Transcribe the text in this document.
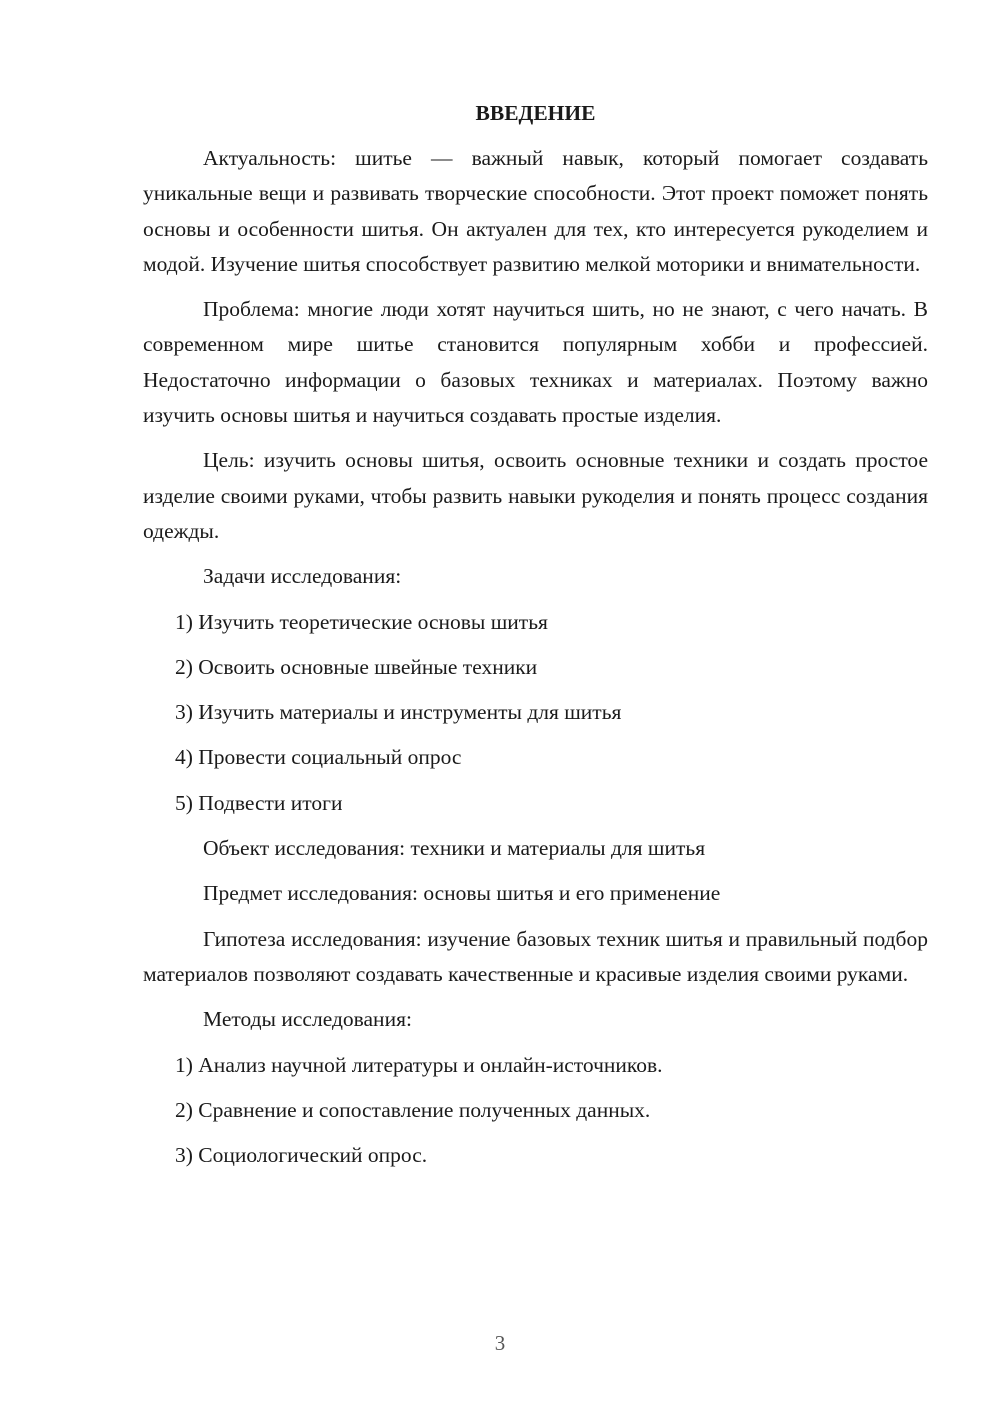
ВВЕДЕНИЕ

Актуальность: шитье — важный навык, который помогает создавать уникальные вещи и развивать творческие способности. Этот проект поможет понять основы и особенности шитья. Он актуален для тех, кто интересуется рукоделием и модой. Изучение шитья способствует развитию мелкой моторики и внимательности.

Проблема: многие люди хотят научиться шить, но не знают, с чего начать. В современном мире шитье становится популярным хобби и профессией. Недостаточно информации о базовых техниках и материалах. Поэтому важно изучить основы шитья и научиться создавать простые изделия.

Цель: изучить основы шитья, освоить основные техники и создать простое изделие своими руками, чтобы развить навыки рукоделия и понять процесс создания одежды.

Задачи исследования:

1) Изучить теоретические основы шитья

2) Освоить основные швейные техники

3) Изучить материалы и инструменты для шитья

4) Провести социальный опрос

5) Подвести итоги

Объект исследования: техники и материалы для шитья

Предмет исследования: основы шитья и его применение

Гипотеза исследования: изучение базовых техник шитья и правильный подбор материалов позволяют создавать качественные и красивые изделия своими руками.

Методы исследования:

1) Анализ научной литературы и онлайн-источников.

2) Сравнение и сопоставление полученных данных.

3) Социологический опрос.

3
